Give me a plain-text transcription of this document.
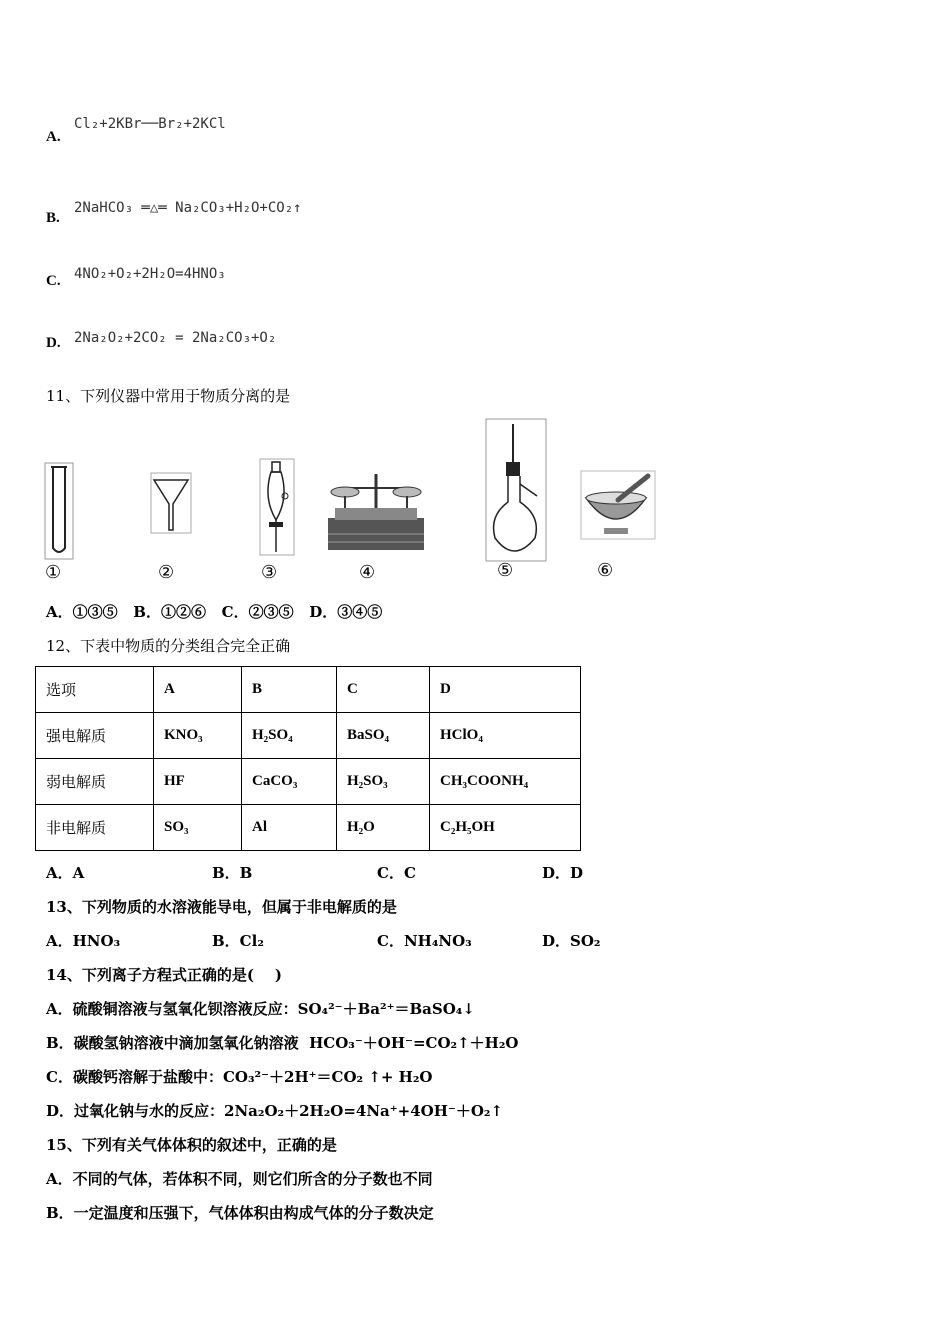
A.
Cl₂+2KBr──Br₂+2KCl
B.
2NaHCO₃ ═△═ Na₂CO₃+H₂O+CO₂↑
C. 4NO₂+O₂+2H₂O=4HNO₃
D. 2Na₂O₂+2CO₂ = 2Na₂CO₃+O₂
11、下列仪器中常用于物质分离的是
①	②	③	④	⑤	⑥
A．①③⑤   B．①②⑥   C．②③⑤   D．③④⑤
12、下表中物质的分类组合完全正确
选项	A	B	C	D
强电解质	KNO₃	H₂SO₄	BaSO₄	HClO₄
弱电解质	HF	CaCO₃	H₂SO₃	CH₃COONH₄
非电解质	SO₃	Al	H₂O	C₂H₅OH
A．A	B．B	C．C	D．D
13、下列物质的水溶液能导电，但属于非电解质的是
A．HNO₃	B．Cl₂	C．NH₄NO₃	D．SO₂
14、下列离子方程式正确的是(    )
A．硫酸铜溶液与氢氧化钡溶液反应：SO₄²⁻＋Ba²⁺＝BaSO₄↓
B．碳酸氢钠溶液中滴加氢氧化钠溶液  HCO₃⁻＋OH⁻=CO₂↑＋H₂O
C．碳酸钙溶解于盐酸中：CO₃²⁻＋2H⁺＝CO₂ ↑+ H₂O
D．过氧化钠与水的反应：2Na₂O₂＋2H₂O=4Na⁺+4OH⁻＋O₂↑
15、下列有关气体体积的叙述中，正确的是
A．不同的气体，若体积不同，则它们所含的分子数也不同
B．一定温度和压强下，气体体积由构成气体的分子数决定
